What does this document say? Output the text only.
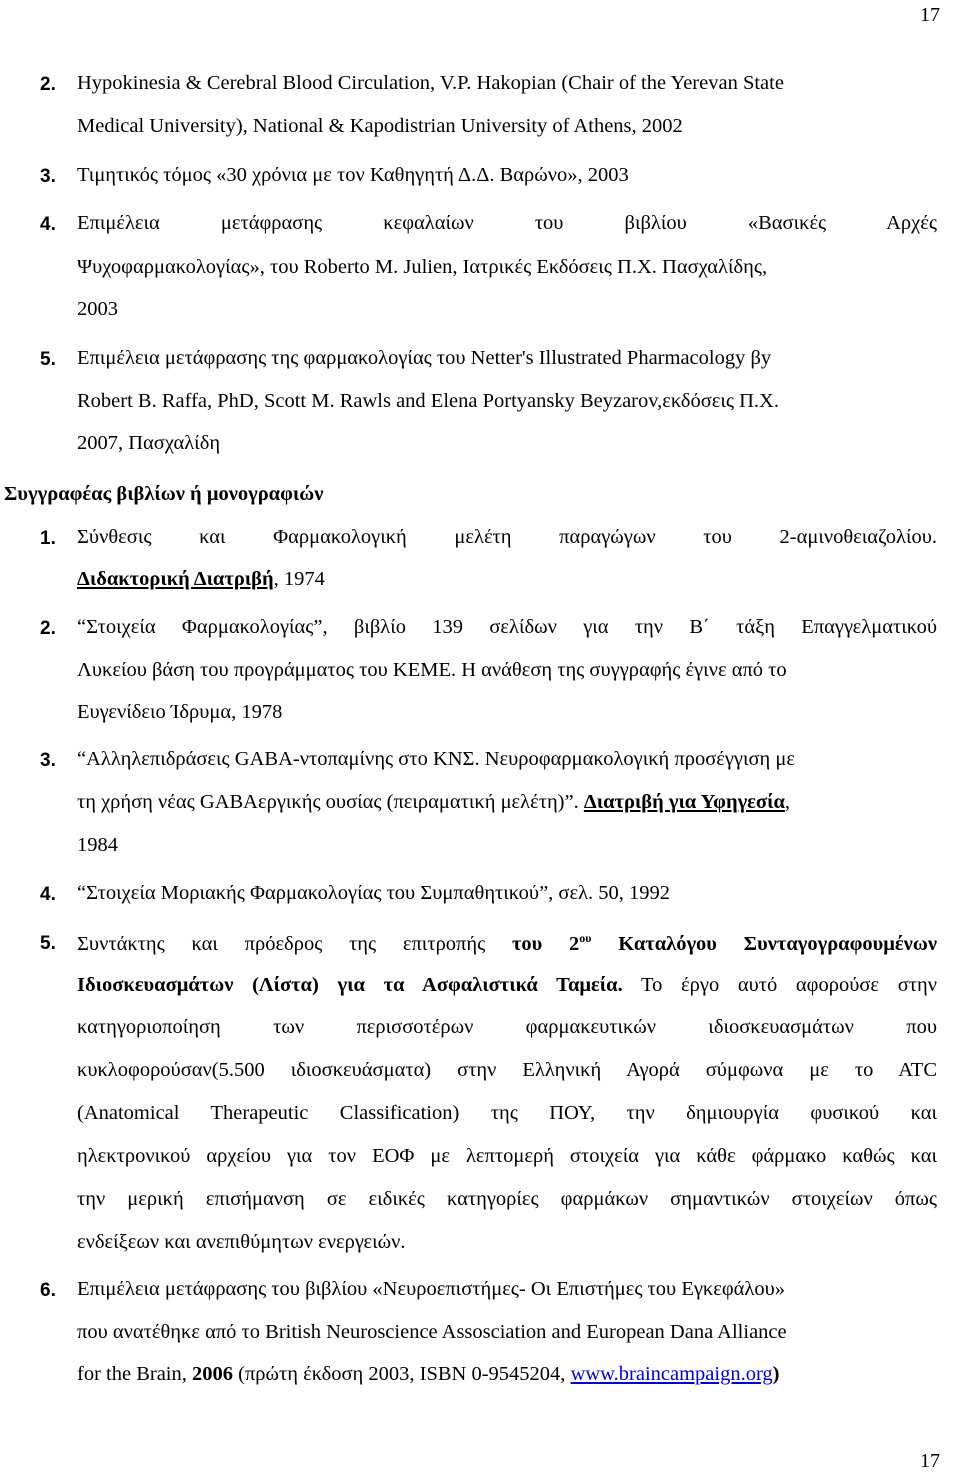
17
2. Hypokinesia & Cerebral Blood Circulation, V.P. Hakopian (Chair of the Yerevan State
Medical University), National & Kapodistrian University of Athens, 2002
3. Τιμητικός τόμος «30 χρόνια με τον Καθηγητή Δ.Δ. Βαρώνο», 2003
4. Επιμέλεια μετάφρασης κεφαλαίων του βιβλίου «Βασικές Αρχές
Ψυχοφαρμακολογίας», του Roberto M. Julien, Ιατρικές Εκδόσεις Π.Χ. Πασχαλίδης,
2003
5. Επιμέλεια μετάφρασης της φαρμακολογίας του Netter's Illustrated Pharmacology βy
Robert B. Raffa, PhD, Scott M. Rawls and Elena Portyansky Beyzarov,εκδόσεις Π.Χ.
2007, Πασχαλίδη
Συγγραφέας βιβλίων ή μονογραφιών
1. Σύνθεσις και Φαρμακολογική μελέτη παραγώγων του 2-αμινοθειαζολίου.
Διδακτορική Διατριβή, 1974
2. “Στοιχεία Φαρμακολογίας”, βιβλίο 139 σελίδων για την Β΄ τάξη Επαγγελματικού
Λυκείου βάση του προγράμματος του ΚΕΜΕ. Η ανάθεση της συγγραφής έγινε από το
Ευγενίδειο Ίδρυμα, 1978
3. “Αλληλεπιδράσεις GABA-ντοπαμίνης στο ΚΝΣ. Νευροφαρμακολογική προσέγγιση με
τη χρήση νέας GABAεργικής ουσίας (πειραματική μελέτη)”. Διατριβή για Υφηγεσία,
1984
4. “Στοιχεία Μοριακής Φαρμακολογίας του Συμπαθητικού”, σελ. 50, 1992
5. Συντάκτης και πρόεδρος της επιτροπής του $2^{o\upsilon}$ Καταλόγου Συνταγογραφουμένων
Ιδιοσκευασμάτων (Λίστα) για τα Ασφαλιστικά Ταμεία. Το έργο αυτό αφορούσε στην
κατηγοριοποίηση των περισσοτέρων φαρμακευτικών ιδιοσκευασμάτων που
κυκλοφορούσαν(5.500 ιδιοσκευάσματα) στην Ελληνική Αγορά σύμφωνα με το ΑΤC
(Anatomical Therapeutic Classification) της ΠΟΥ, την δημιουργία φυσικού και
ηλεκτρονικού αρχείου για τον ΕΟΦ με λεπτομερή στοιχεία για κάθε φάρμακο καθώς και
την μερική επισήμανση σε ειδικές κατηγορίες φαρμάκων σημαντικών στοιχείων όπως
ενδείξεων και ανεπιθύμητων ενεργειών.
6. Επιμέλεια μετάφρασης του βιβλίου «Νευροεπιστήμες- Οι Επιστήμες του Εγκεφάλου»
που ανατέθηκε από το British Neuroscience Assosciation and European Dana Alliance
for the Brain, 2006 (πρώτη έκδοση 2003, ISBN 0-9545204, www.braincampaign.org)
17
